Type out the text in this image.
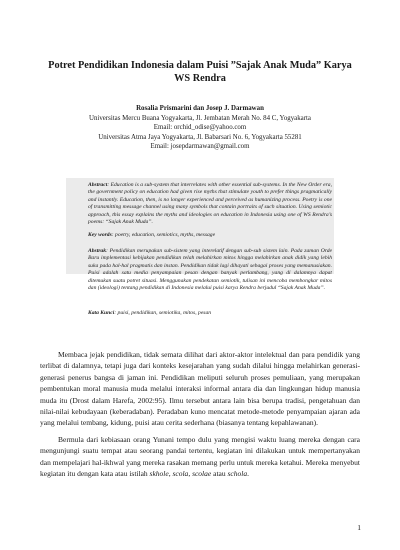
Potret Pendidikan Indonesia dalam Puisi ”Sajak Anak Muda” Karya WS Rendra
Rosalia Prismarini dan Josep J. Darmawan
Universitas Mercu Buana Yogyakarta, Jl. Jembatan Merah No. 84 C, Yogyakarta
Email: orchid_odise@yahoo.com
Universitas Atma Jaya Yogyakarta, Jl. Babarsari No. 6, Yogyakarta 55281
Email: josepdarmawan@gmail.com

Abstract: Education is a sub-system that interrelates with other essential sub-systems. In the New Order era, the government policy on education had given rise myths that stimulate youth to prefer things pragmatically and instantly. Education, then, is no longer experienced and perceived as humanizing process. Poetry is one of transmitting message channel using many symbols that contain portraits of such situation. Using semiotic approach, this essay explains the myths and ideologies on education in Indonesia using one of WS Rendra’s poems: “Sajak Anak Muda”.

Key words: poetry, education, semiotics, myths, message

Abstrak: Pendidikan merupakan sub-sistem yang interelatif dengan sub-sub sistem lain. Pada zaman Orde Baru implementasi kebijakan pendidikan telah melahirkan mitos hingga melahirkan anak didik yang lebih suka pada hal-hal pragmatis dan instan. Pendidikan tidak lagi dihayati sebagai proses yang memanusiakan. Puisi adalah satu media penyampaian pesan dengan banyak perlambang, yang di dalamnya dapat ditemukan suatu potret situasi. Menggunakan pendekatan semiotik, tulisan ini mencoba membongkar mitos dan (ideologi) tentang pendidikan di Indonesia melalui puisi karya Rendra berjudul “Sajak Anak Muda”.

Kata Kunci: puisi, pendidikan, semiotika, mitos, pesan

Membaca jejak pendidikan, tidak semata dilihat dari aktor-aktor intelektual dan para pendidik yang terlibat di dalamnya, tetapi juga dari konteks kesejarahan yang sudah dilalui hingga melahirkan generasi-generasi penerus bangsa di jaman ini. Pendidikan meliputi seluruh proses pemuliaan, yang merupakan pembentukan moral manusia muda melalui interaksi informal antara dia dan lingkungan hidup manusia muda itu (Drost dalam Harefa, 2002:95). Ilmu tersebut antara lain bisa berupa tradisi, pengetahuan dan nilai-nilai kebudayaan (keberadaban). Peradaban kuno mencatat metode-metode penyampaian ajaran ada yang melalui tembang, kidung, puisi atau cerita sederhana (biasanya tentang kepahlawanan).

Bermula dari kebiasaan orang Yunani tempo dulu yang mengisi waktu luang mereka dengan cara mengunjungi suatu tempat atau seorang pandai tertentu, kegiatan ini dilakukan untuk mempertanyakan dan mempelajari hal-ikhwal yang mereka rasakan memang perlu untuk mereka ketahui. Mereka menyebut kegiatan itu dengan kata atau istilah skhole, scola, scolae atau schola.

1
